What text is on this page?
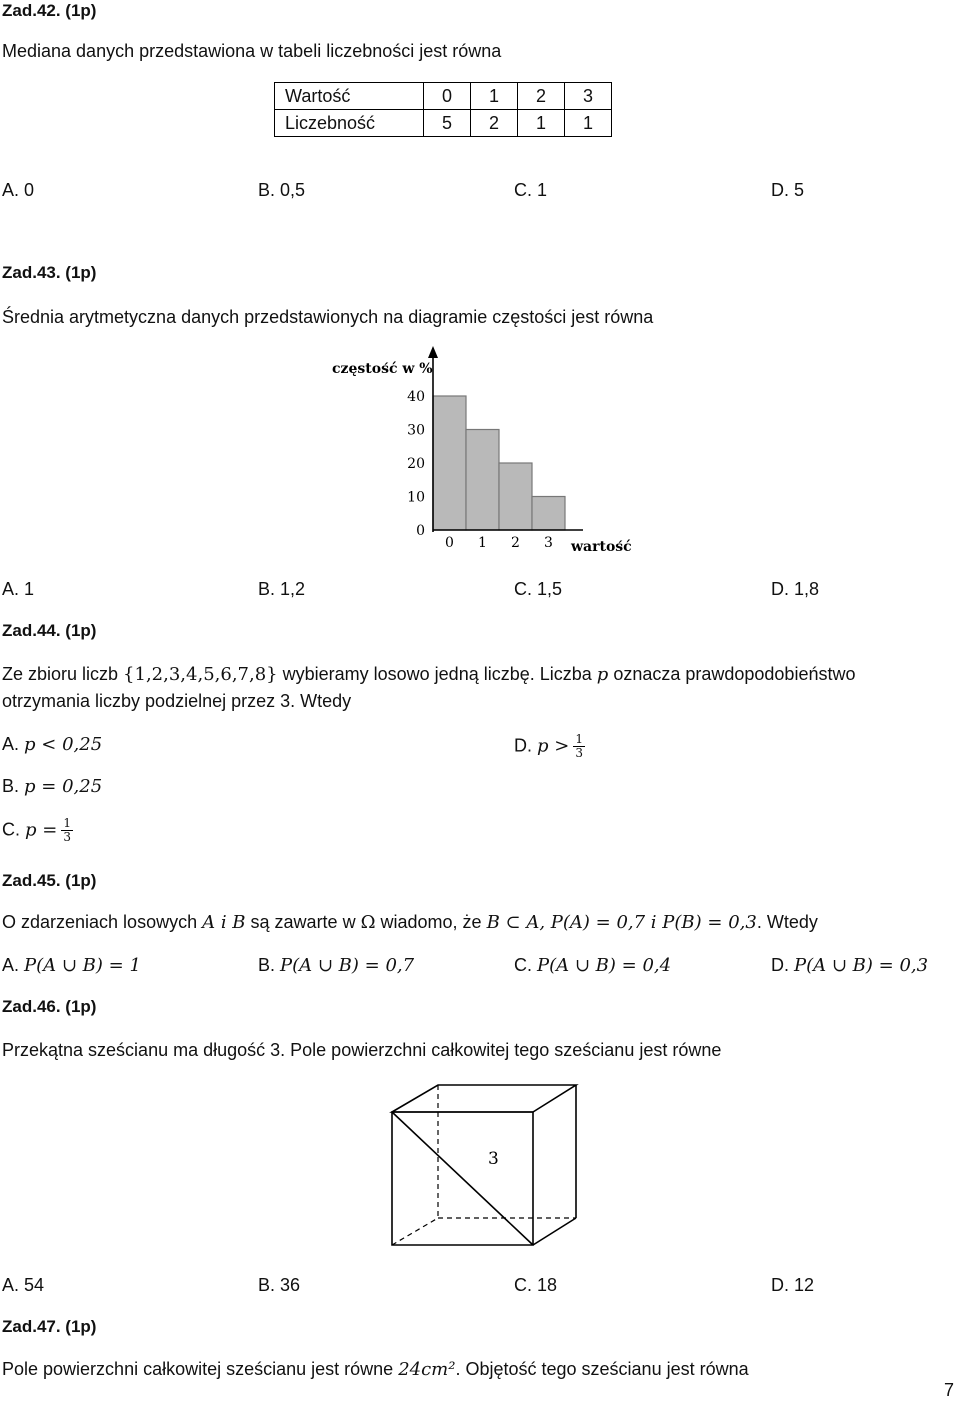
Zad.42. (1p)
Mediana danych przedstawiona w tabeli liczebności jest równa
Wartość	0	1	2	3
Liczebność	5	2	1	1
A. 0	B. 0,5	C. 1	D. 5
Zad.43. (1p)
Średnia arytmetyczna danych przedstawionych na diagramie częstości jest równa
częstość w %
wartość
0
10
20
30
40
0 1 2 3
A. 1	B. 1,2	C. 1,5	D. 1,8
Zad.44. (1p)
Ze zbioru liczb {1,2,3,4,5,6,7,8} wybieramy losowo jedną liczbę. Liczba p oznacza prawdopodobieństwo
otrzymania liczby podzielnej przez 3. Wtedy
A. p < 0,25
B. p = 0,25
C. $p = \frac{1}{3}$
D. $p > \frac{1}{3}$
Zad.45. (1p)
O zdarzeniach losowych A i B są zawarte w Ω wiadomo, że B ⊂ A, P(A) = 0,7 i P(B) = 0,3. Wtedy
A. P(A ∪ B) = 1	B. P(A ∪ B) = 0,7	C. P(A ∪ B) = 0,4	D. P(A ∪ B) = 0,3
Zad.46. (1p)
Przekątna sześcianu ma długość 3. Pole powierzchni całkowitej tego sześcianu jest równe
3
A. 54	B. 36	C. 18	D. 12
Zad.47. (1p)
Pole powierzchni całkowitej sześcianu jest równe 24cm². Objętość tego sześcianu jest równa
7
